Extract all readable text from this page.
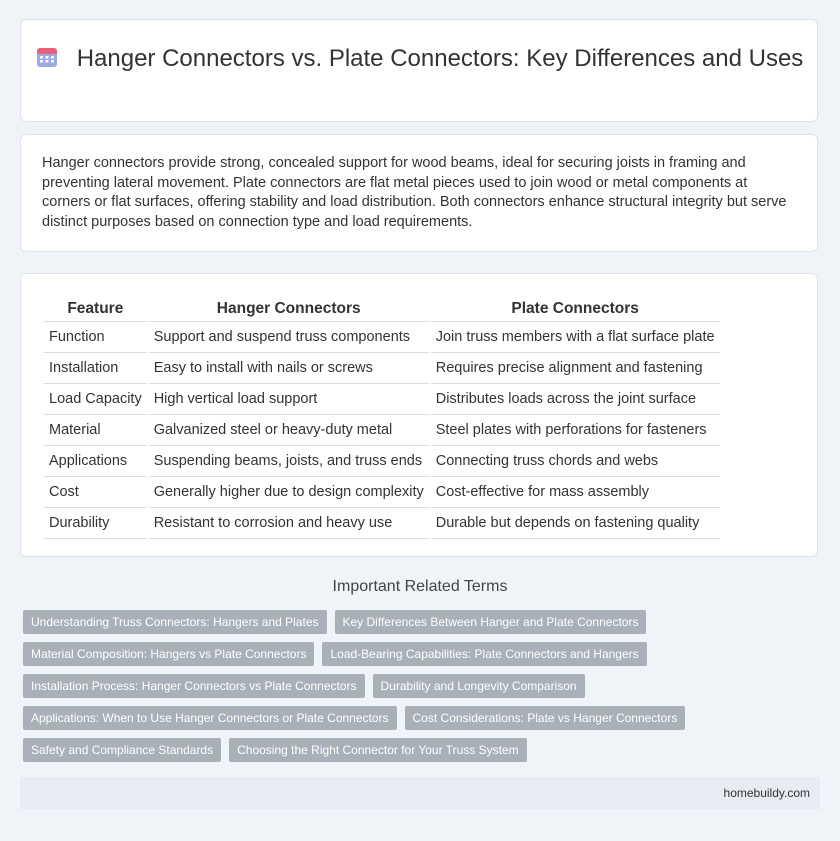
Hanger Connectors vs. Plate Connectors: Key Differences and Uses

Hanger connectors provide strong, concealed support for wood beams, ideal for securing joists in framing and preventing lateral movement. Plate connectors are flat metal pieces used to join wood or metal components at corners or flat surfaces, offering stability and load distribution. Both connectors enhance structural integrity but serve distinct purposes based on connection type and load requirements.

Feature	Hanger Connectors	Plate Connectors
Function	Support and suspend truss components	Join truss members with a flat surface plate
Installation	Easy to install with nails or screws	Requires precise alignment and fastening
Load Capacity	High vertical load support	Distributes loads across the joint surface
Material	Galvanized steel or heavy-duty metal	Steel plates with perforations for fasteners
Applications	Suspending beams, joists, and truss ends	Connecting truss chords and webs
Cost	Generally higher due to design complexity	Cost-effective for mass assembly
Durability	Resistant to corrosion and heavy use	Durable but depends on fastening quality
Important Related Terms
Understanding Truss Connectors: Hangers and Plates	Key Differences Between Hanger and Plate Connectors
Material Composition: Hangers vs Plate Connectors	Load-Bearing Capabilities: Plate Connectors and Hangers
Installation Process: Hanger Connectors vs Plate Connectors	Durability and Longevity Comparison
Applications: When to Use Hanger Connectors or Plate Connectors	Cost Considerations: Plate vs Hanger Connectors
Safety and Compliance Standards	Choosing the Right Connector for Your Truss System
homebuildy.com
